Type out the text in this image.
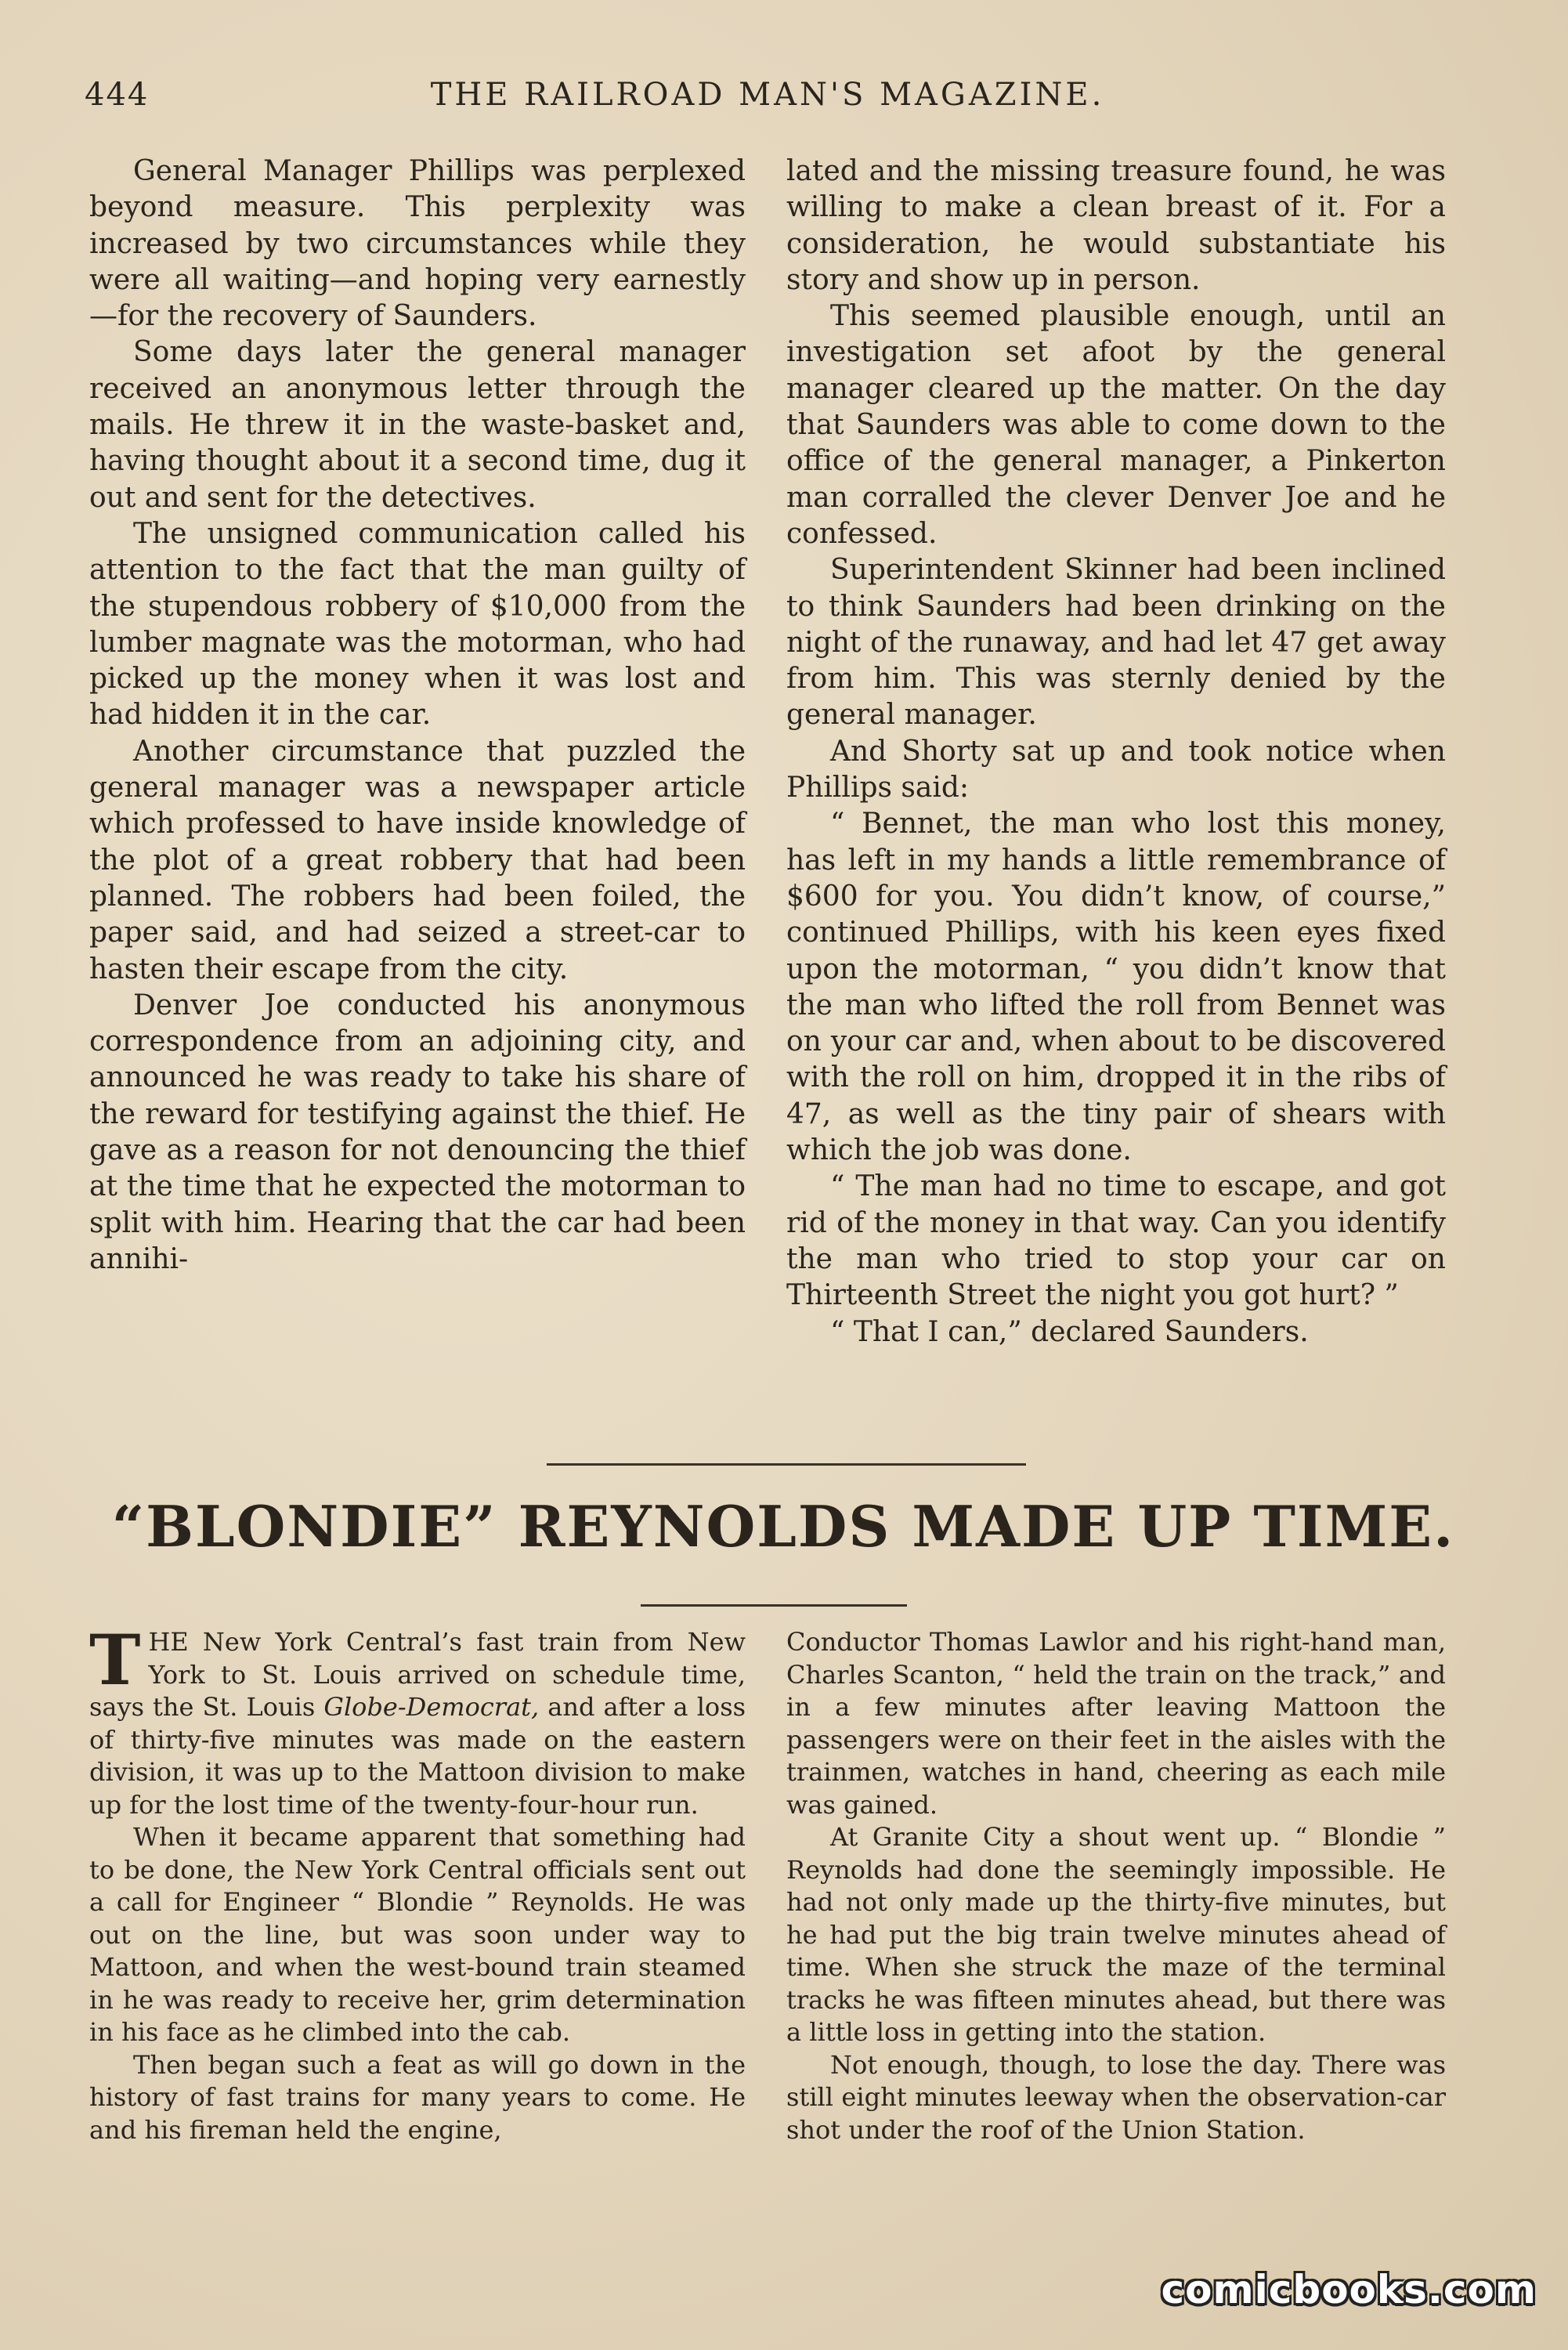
444	THE RAILROAD MAN'S MAGAZINE.

General Manager Phillips was perplexed beyond measure. This perplexity was increased by two circumstances while they were all waiting—and hoping very earnestly—for the recovery of Saunders.

Some days later the general manager received an anonymous letter through the mails. He threw it in the waste-basket and, having thought about it a second time, dug it out and sent for the detectives.

The unsigned communication called his attention to the fact that the man guilty of the stupendous robbery of $10,000 from the lumber magnate was the motorman, who had picked up the money when it was lost and had hidden it in the car.

Another circumstance that puzzled the general manager was a newspaper article which professed to have inside knowledge of the plot of a great robbery that had been planned. The robbers had been foiled, the paper said, and had seized a street-car to hasten their escape from the city.

Denver Joe conducted his anonymous correspondence from an adjoining city, and announced he was ready to take his share of the reward for testifying against the thief. He gave as a reason for not denouncing the thief at the time that he expected the motorman to split with him. Hearing that the car had been annihi-

lated and the missing treasure found, he was willing to make a clean breast of it. For a consideration, he would substantiate his story and show up in person.

This seemed plausible enough, until an investigation set afoot by the general manager cleared up the matter. On the day that Saunders was able to come down to the office of the general manager, a Pinkerton man corralled the clever Denver Joe and he confessed.

Superintendent Skinner had been inclined to think Saunders had been drinking on the night of the runaway, and had let 47 get away from him. This was sternly denied by the general manager.

And Shorty sat up and took notice when Phillips said:

“ Bennet, the man who lost this money, has left in my hands a little remembrance of $600 for you. You didn’t know, of course,” continued Phillips, with his keen eyes fixed upon the motorman, “ you didn’t know that the man who lifted the roll from Bennet was on your car and, when about to be discovered with the roll on him, dropped it in the ribs of 47, as well as the tiny pair of shears with which the job was done.

“ The man had no time to escape, and got rid of the money in that way. Can you identify the man who tried to stop your car on Thirteenth Street the night you got hurt? ”

“ That I can,” declared Saunders.

“BLONDIE” REYNOLDS MADE UP TIME.

THE New York Central’s fast train from New York to St. Louis arrived on schedule time, says the St. Louis Globe-Democrat, and after a loss of thirty-five minutes was made on the eastern division, it was up to the Mattoon division to make up for the lost time of the twenty-four-hour run.

When it became apparent that something had to be done, the New York Central officials sent out a call for Engineer “ Blondie ” Reynolds. He was out on the line, but was soon under way to Mattoon, and when the west-bound train steamed in he was ready to receive her, grim determination in his face as he climbed into the cab.

Then began such a feat as will go down in the history of fast trains for many years to come. He and his fireman held the engine,

Conductor Thomas Lawlor and his right-hand man, Charles Scanton, “ held the train on the track,” and in a few minutes after leaving Mattoon the passengers were on their feet in the aisles with the trainmen, watches in hand, cheering as each mile was gained.

At Granite City a shout went up. “ Blondie ” Reynolds had done the seemingly impossible. He had not only made up the thirty-five minutes, but he had put the big train twelve minutes ahead of time. When she struck the maze of the terminal tracks he was fifteen minutes ahead, but there was a little loss in getting into the station.

Not enough, though, to lose the day. There was still eight minutes leeway when the observation-car shot under the roof of the Union Station.

comicbooks.com
